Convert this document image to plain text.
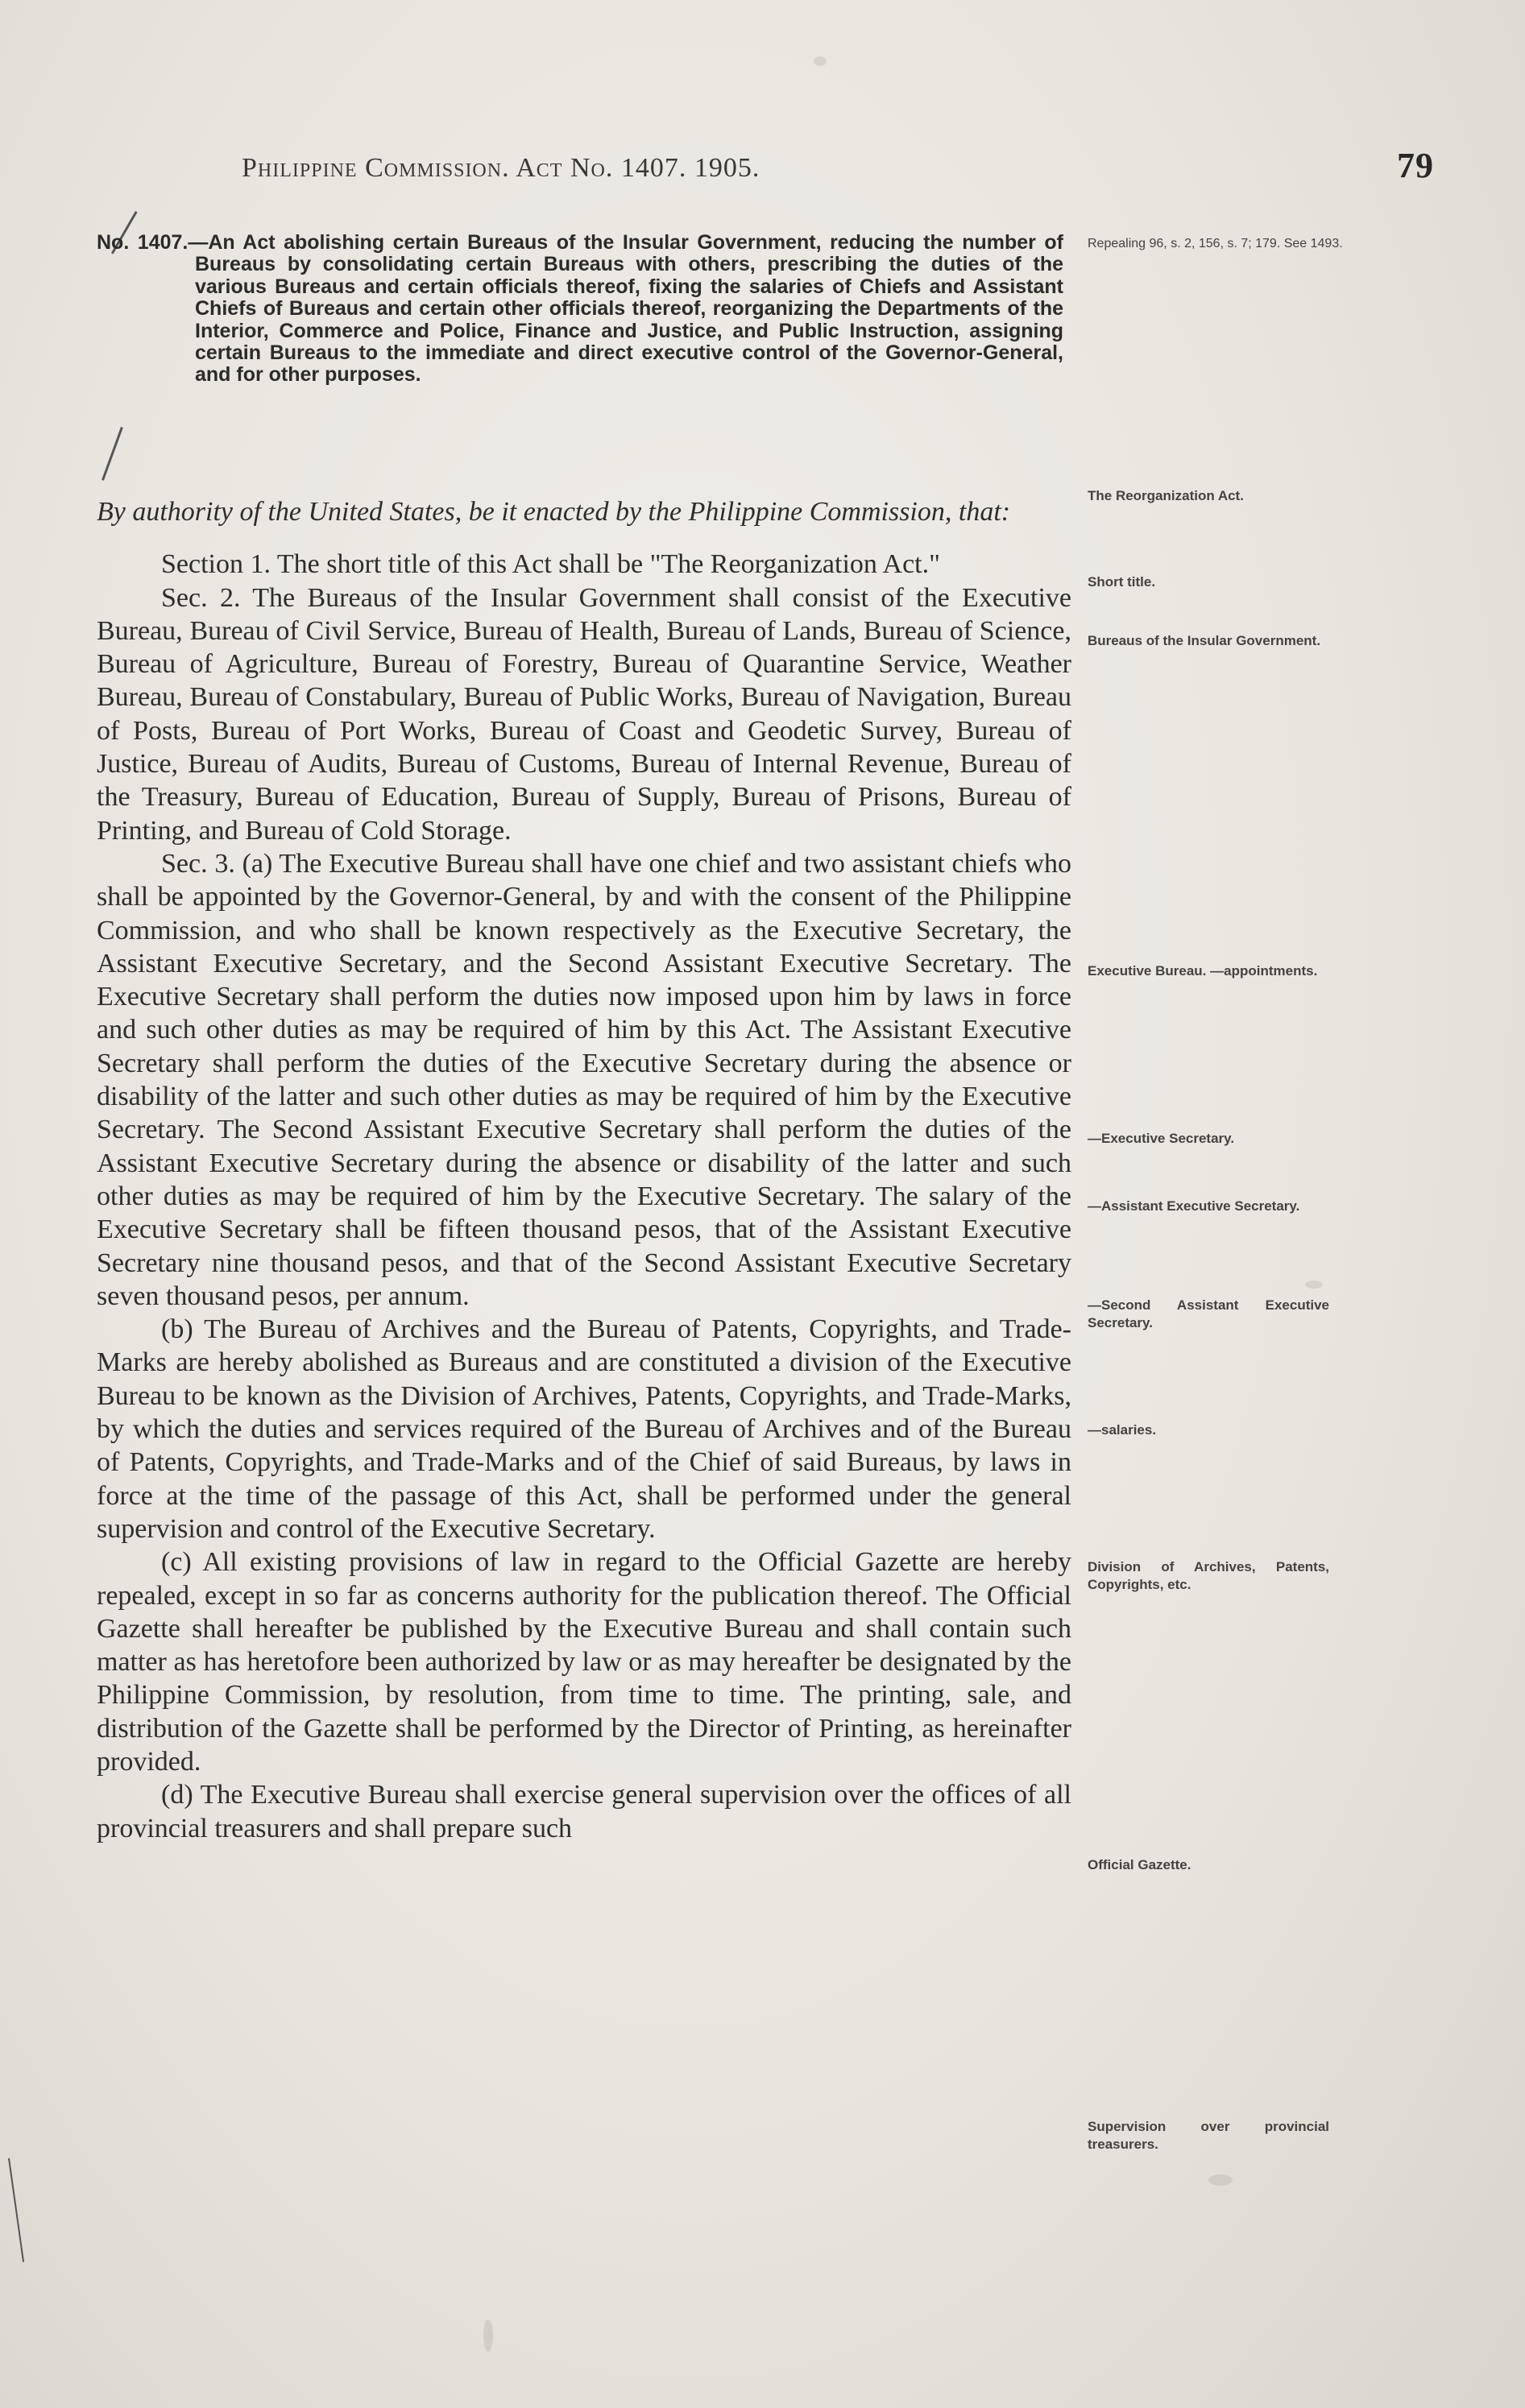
Philippine Commission. Act No. 1407. 1905.	79
No. 1407.—An Act abolishing certain Bureaus of the Insular Government, reducing the number of Bureaus by consolidating certain Bureaus with others, prescribing the duties of the various Bureaus and certain officials thereof, fixing the salaries of Chiefs and Assistant Chiefs of Bureaus and certain other officials thereof, reorganizing the Departments of the Interior, Commerce and Police, Finance and Justice, and Public Instruction, assigning certain Bureaus to the immediate and direct executive control of the Governor-General, and for other purposes.

By authority of the United States, be it enacted by the Philippine Commission, that:

Section 1. The short title of this Act shall be "The Reorganization Act."

Sec. 2. The Bureaus of the Insular Government shall consist of the Executive Bureau, Bureau of Civil Service, Bureau of Health, Bureau of Lands, Bureau of Science, Bureau of Agriculture, Bureau of Forestry, Bureau of Quarantine Service, Weather Bureau, Bureau of Constabulary, Bureau of Public Works, Bureau of Navigation, Bureau of Posts, Bureau of Port Works, Bureau of Coast and Geodetic Survey, Bureau of Justice, Bureau of Audits, Bureau of Customs, Bureau of Internal Revenue, Bureau of the Treasury, Bureau of Education, Bureau of Supply, Bureau of Prisons, Bureau of Printing, and Bureau of Cold Storage.

Sec. 3. (a) The Executive Bureau shall have one chief and two assistant chiefs who shall be appointed by the Governor-General, by and with the consent of the Philippine Commission, and who shall be known respectively as the Executive Secretary, the Assistant Executive Secretary, and the Second Assistant Executive Secretary. The Executive Secretary shall perform the duties now imposed upon him by laws in force and such other duties as may be required of him by this Act. The Assistant Executive Secretary shall perform the duties of the Executive Secretary during the absence or disability of the latter and such other duties as may be required of him by the Executive Secretary. The Second Assistant Executive Secretary shall perform the duties of the Assistant Executive Secretary during the absence or disability of the latter and such other duties as may be required of him by the Executive Secretary. The salary of the Executive Secretary shall be fifteen thousand pesos, that of the Assistant Executive Secretary nine thousand pesos, and that of the Second Assistant Executive Secretary seven thousand pesos, per annum.

(b) The Bureau of Archives and the Bureau of Patents, Copyrights, and Trade-Marks are hereby abolished as Bureaus and are constituted a division of the Executive Bureau to be known as the Division of Archives, Patents, Copyrights, and Trade-Marks, by which the duties and services required of the Bureau of Archives and of the Bureau of Patents, Copyrights, and Trade-Marks and of the Chief of said Bureaus, by laws in force at the time of the passage of this Act, shall be performed under the general supervision and control of the Executive Secretary.

(c) All existing provisions of law in regard to the Official Gazette are hereby repealed, except in so far as concerns authority for the publication thereof. The Official Gazette shall hereafter be published by the Executive Bureau and shall contain such matter as has heretofore been authorized by law or as may hereafter be designated by the Philippine Commission, by resolution, from time to time. The printing, sale, and distribution of the Gazette shall be performed by the Director of Printing, as hereinafter provided.

(d) The Executive Bureau shall exercise general supervision over the offices of all provincial treasurers and shall prepare such

Repealing 96, s. 2, 156, s. 7; 179. See 1493.
The Reorganization Act.
Short title.
Bureaus of the Insular Government.
Executive Bureau. —appointments.
—Executive Secretary.
—Assistant Executive Secretary.
—Second Assistant Executive Secretary.
—salaries.
Division of Archives, Patents, Copyrights, etc.
Official Gazette.
Supervision over provincial treasurers.
